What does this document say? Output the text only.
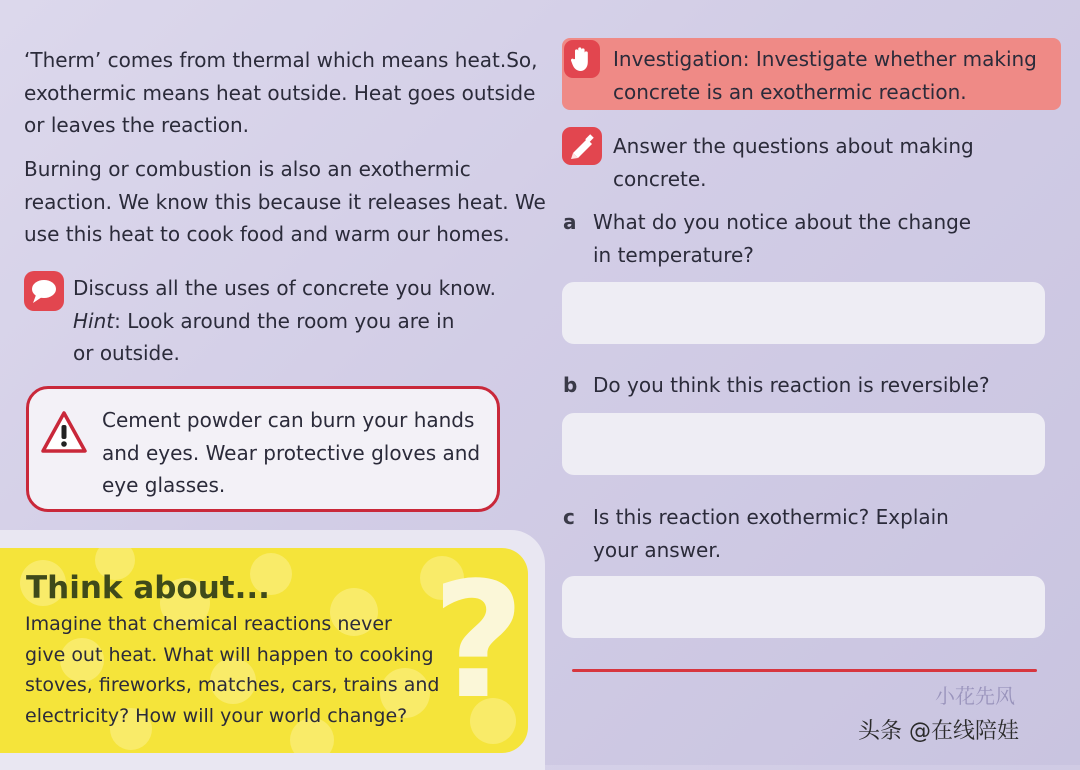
‘Therm’ comes from thermal which means heat.So,
exothermic means heat outside. Heat goes outside
or leaves the reaction.

Burning or combustion is also an exothermic
reaction. We know this because it releases heat. We
use this heat to cook food and warm our homes.

Discuss all the uses of concrete you know.
Hint: Look around the room you are in
or outside.

Cement powder can burn your hands
and eyes. Wear protective gloves and
eye glasses.

?
Think about...

Imagine that chemical reactions never
give out heat. What will happen to cooking
stoves, fireworks, matches, cars, trains and
electricity? How will your world change?

Investigation: Investigate whether making
concrete is an exothermic reaction.

Answer the questions about making
concrete.

a What do you notice about the change
in temperature?

b Do you think this reaction is reversible?

c Is this reaction exothermic? Explain
your answer.

小花先风
头条 @在线陪娃
